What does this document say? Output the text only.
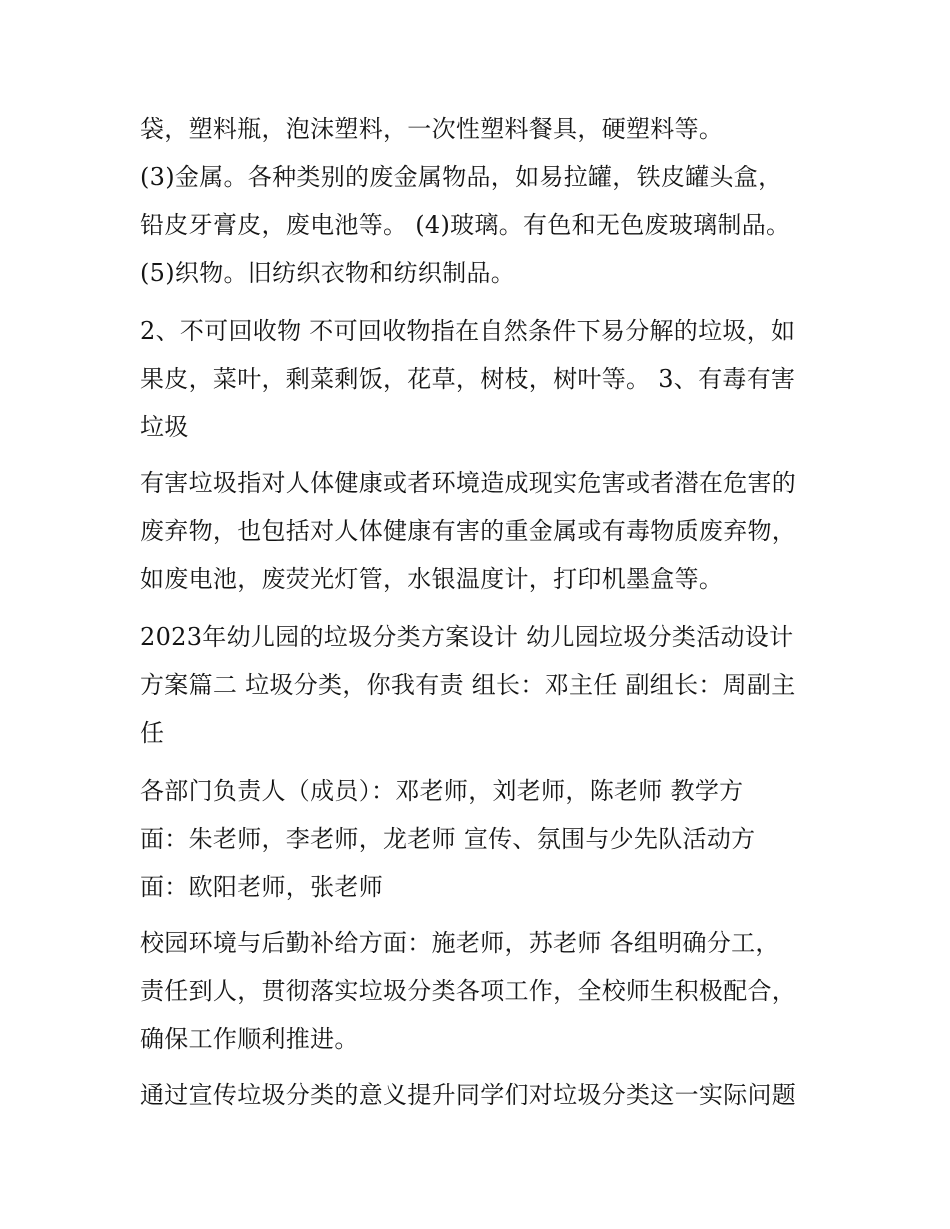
袋，塑料瓶，泡沫塑料，一次性塑料餐具，硬塑料等。
(3)金属。各种类别的废金属物品，如易拉罐，铁皮罐头盒，
铅皮牙膏皮，废电池等。 (4)玻璃。有色和无色废玻璃制品。
(5)织物。旧纺织衣物和纺织制品。
2、不可回收物 不可回收物指在自然条件下易分解的垃圾，如
果皮，菜叶，剩菜剩饭，花草，树枝，树叶等。 3、有毒有害
垃圾
有害垃圾指对人体健康或者环境造成现实危害或者潜在危害的
废弃物，也包括对人体健康有害的重金属或有毒物质废弃物，
如废电池，废荧光灯管，水银温度计，打印机墨盒等。
2023年幼儿园的垃圾分类方案设计 幼儿园垃圾分类活动设计
方案篇二 垃圾分类，你我有责 组长：邓主任 副组长：周副主
任
各部门负责人（成员）：邓老师，刘老师，陈老师 教学方
面：朱老师，李老师，龙老师 宣传、氛围与少先队活动方
面：欧阳老师，张老师
校园环境与后勤补给方面：施老师，苏老师 各组明确分工，
责任到人，贯彻落实垃圾分类各项工作，全校师生积极配合，
确保工作顺利推进。
通过宣传垃圾分类的意义提升同学们对垃圾分类这一实际问题
